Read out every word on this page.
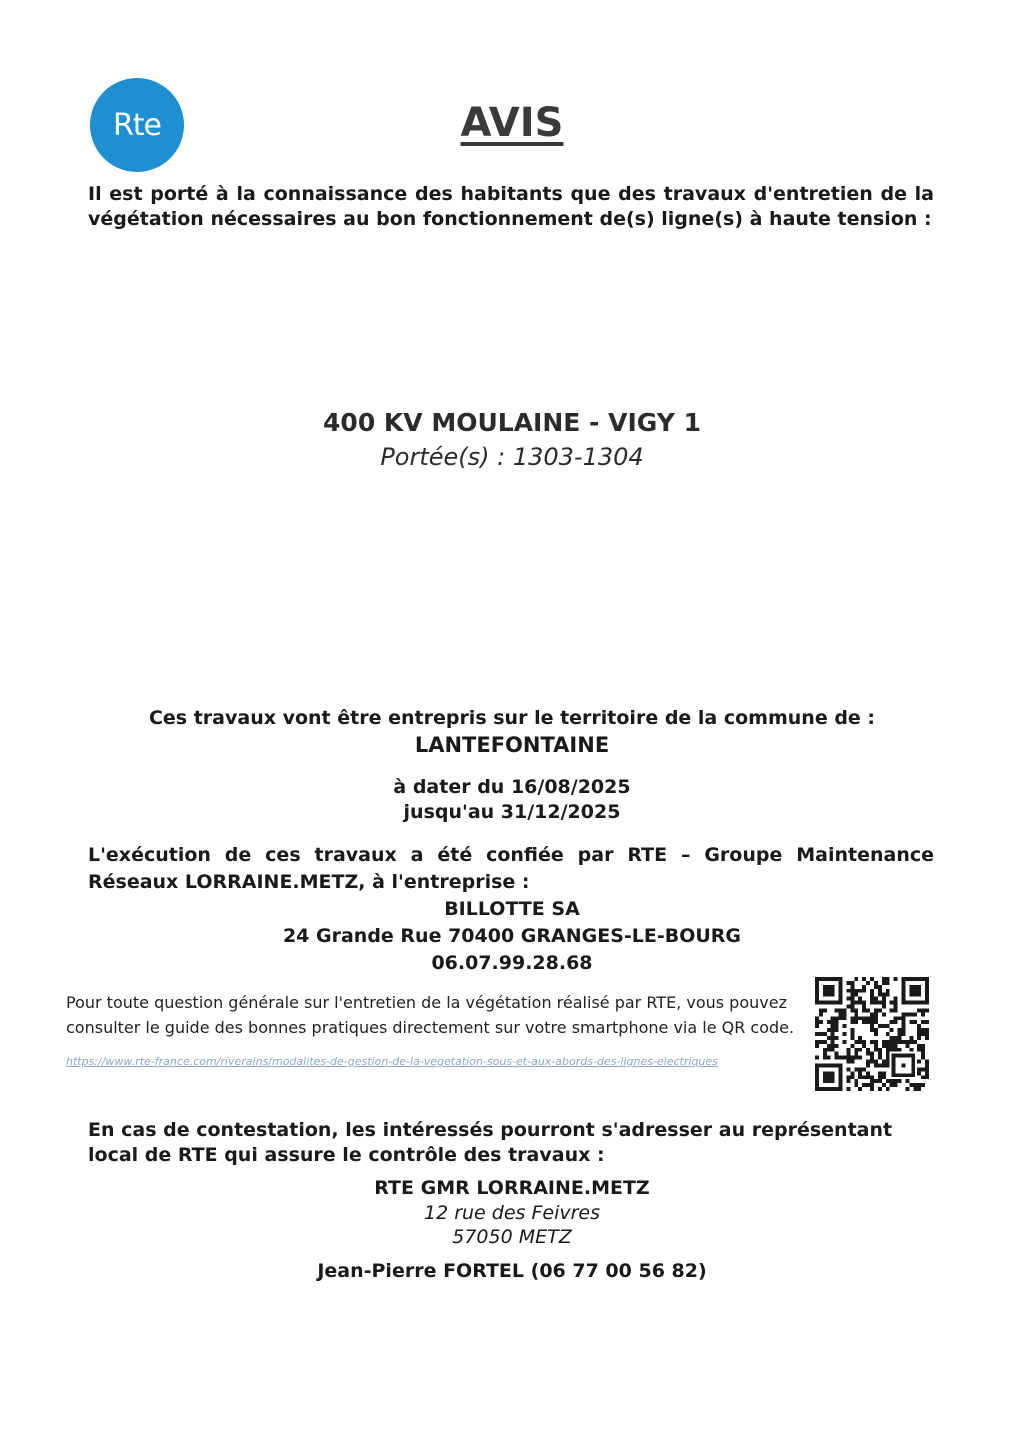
Rte	AVIS
Il est porté à la connaissance des habitants que des travaux d'entretien de la végétation nécessaires au bon fonctionnement de(s) ligne(s) à haute tension :
400 KV MOULAINE - VIGY 1
Portée(s) : 1303-1304
Ces travaux vont être entrepris sur le territoire de la commune de :
LANTEFONTAINE
à dater du 16/08/2025
jusqu'au 31/12/2025
L'exécution de ces travaux a été confiée par RTE – Groupe Maintenance Réseaux LORRAINE.METZ, à l'entreprise :
BILLOTTE SA
24 Grande Rue 70400 GRANGES-LE-BOURG
06.07.99.28.68
Pour toute question générale sur l'entretien de la végétation réalisé par RTE, vous pouvez consulter le guide des bonnes pratiques directement sur votre smartphone via le QR code.
https://www.rte-france.com/riverains/modalites-de-gestion-de-la-vegetation-sous-et-aux-abords-des-lignes-electriques
En cas de contestation, les intéressés pourront s'adresser au représentant local de RTE qui assure le contrôle des travaux :
RTE GMR LORRAINE.METZ
12 rue des Feivres
57050 METZ
Jean-Pierre FORTEL (06 77 00 56 82)
